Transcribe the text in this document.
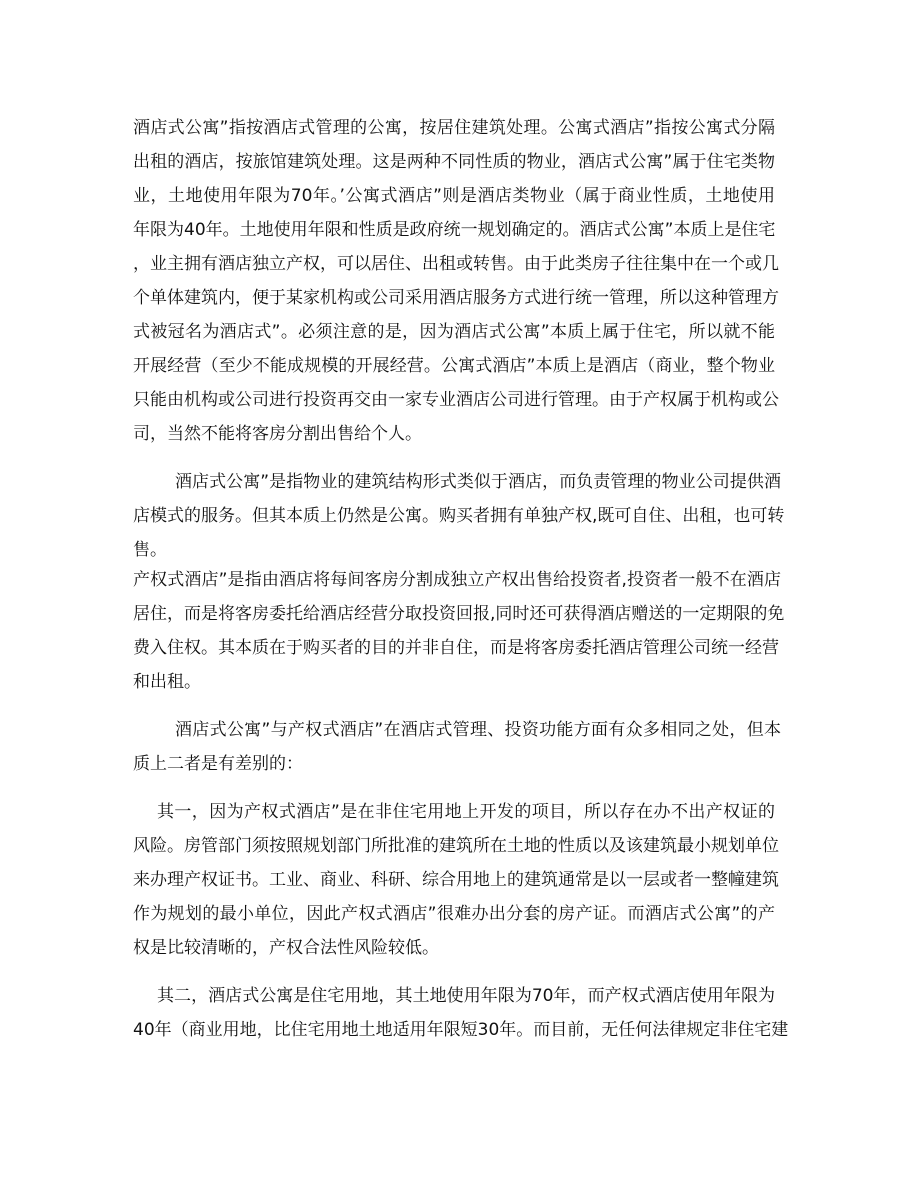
酒店式公寓”指按酒店式管理的公寓，按居住建筑处理。公寓式酒店”指按公寓式分隔
出租的酒店，按旅馆建筑处理。这是两种不同性质的物业，酒店式公寓”属于住宅类物
业，土地使用年限为70年。’公寓式酒店”则是酒店类物业（属于商业性质，土地使用
年限为40年。土地使用年限和性质是政府统一规划确定的。酒店式公寓”本质上是住宅
，业主拥有酒店独立产权，可以居住、出租或转售。由于此类房子往往集中在一个或几
个单体建筑内，便于某家机构或公司采用酒店服务方式进行统一管理，所以这种管理方
式被冠名为酒店式”。必须注意的是，因为酒店式公寓”本质上属于住宅，所以就不能
开展经营（至少不能成规模的开展经营。公寓式酒店”本质上是酒店（商业，整个物业
只能由机构或公司进行投资再交由一家专业酒店公司进行管理。由于产权属于机构或公
司，当然不能将客房分割出售给个人。
酒店式公寓”是指物业的建筑结构形式类似于酒店，而负责管理的物业公司提供酒
店模式的服务。但其本质上仍然是公寓。购买者拥有单独产权,既可自住、出租，也可转
售。
产权式酒店”是指由酒店将每间客房分割成独立产权出售给投资者,投资者一般不在酒店
居住，而是将客房委托给酒店经营分取投资回报,同时还可获得酒店赠送的一定期限的免
费入住权。其本质在于购买者的目的并非自住，而是将客房委托酒店管理公司统一经营
和出租。
酒店式公寓”与产权式酒店”在酒店式管理、投资功能方面有众多相同之处，但本
质上二者是有差别的：
其一，因为产权式酒店”是在非住宅用地上开发的项目，所以存在办不出产权证的
风险。房管部门须按照规划部门所批准的建筑所在土地的性质以及该建筑最小规划单位
来办理产权证书。工业、商业、科研、综合用地上的建筑通常是以一层或者一整幢建筑
作为规划的最小单位，因此产权式酒店”很难办出分套的房产证。而酒店式公寓”的产
权是比较清晰的，产权合法性风险较低。
其二，酒店式公寓是住宅用地，其土地使用年限为70年，而产权式酒店使用年限为
40年（商业用地，比住宅用地土地适用年限短30年。而目前，无任何法律规定非住宅建
